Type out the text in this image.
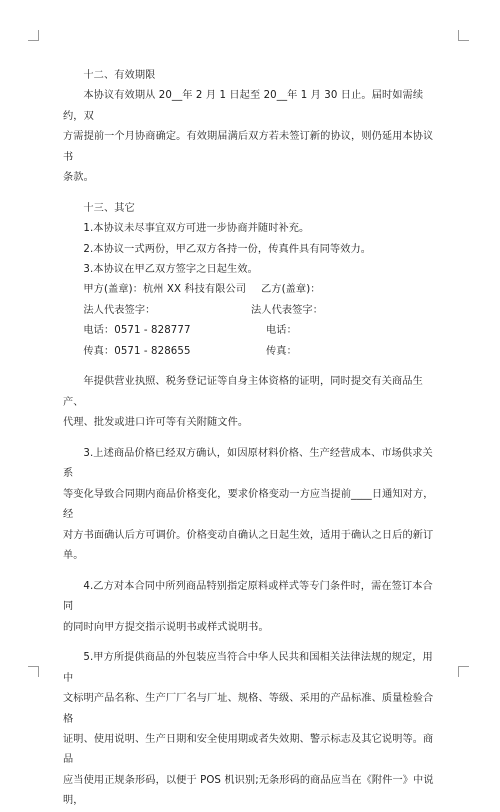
十二、有效期限

本协议有效期从 20__年 2 月 1 日起至 20__年 1 月 30 日止。届时如需续约，双

方需提前一个月协商确定。有效期届满后双方若未签订新的协议，则仍延用本协议书

条款。

十三、其它

1.本协议未尽事宜双方可进一步协商并随时补充。

2.本协议一式两份，甲乙双方各持一份，传真件具有同等效力。

3.本协议在甲乙双方签字之日起生效。

甲方(盖章)：杭州 XX 科技有限公司 乙方(盖章)：
法人代表签字：	法人代表签字：
电话：0571 - 828777	电话：
传真：0571 - 828655	传真：

年提供营业执照、税务登记证等自身主体资格的证明，同时提交有关商品生产、

代理、批发或进口许可等有关附随文件。

3.上述商品价格已经双方确认，如因原材料价格、生产经营成本、市场供求关系

等变化导致合同期内商品价格变化，要求价格变动一方应当提前____日通知对方，经

对方书面确认后方可调价。价格变动自确认之日起生效，适用于确认之日后的新订单。

4.乙方对本合同中所列商品特别指定原料或样式等专门条件时，需在签订本合同

的同时向甲方提交指示说明书或样式说明书。

5.甲方所提供商品的外包装应当符合中华人民共和国相关法律法规的规定，用中

文标明产品名称、生产厂厂名与厂址、规格、等级、采用的产品标准、质量检验合格

证明、使用说明、生产日期和安全使用期或者失效期、警示标志及其它说明等。商品

应当使用正规条形码，以便于 POS 机识别;无条形码的商品应当在《附件一》中说明，
